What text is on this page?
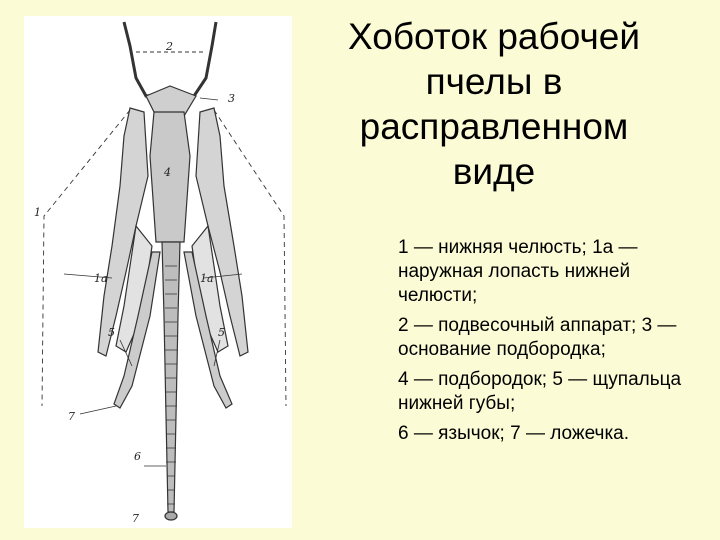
1
1а	1а
2
3
4
5	5
6
7
7
Хоботок рабочей пчелы в расправленном виде

1 — нижняя челюсть; 1а — наружная лопасть нижней челюсти;

2 — подвесочный аппарат; 3 — основание подбородка;

4 — подбородок; 5 — щупальца нижней губы;

6 — язычок; 7 — ложечка.
